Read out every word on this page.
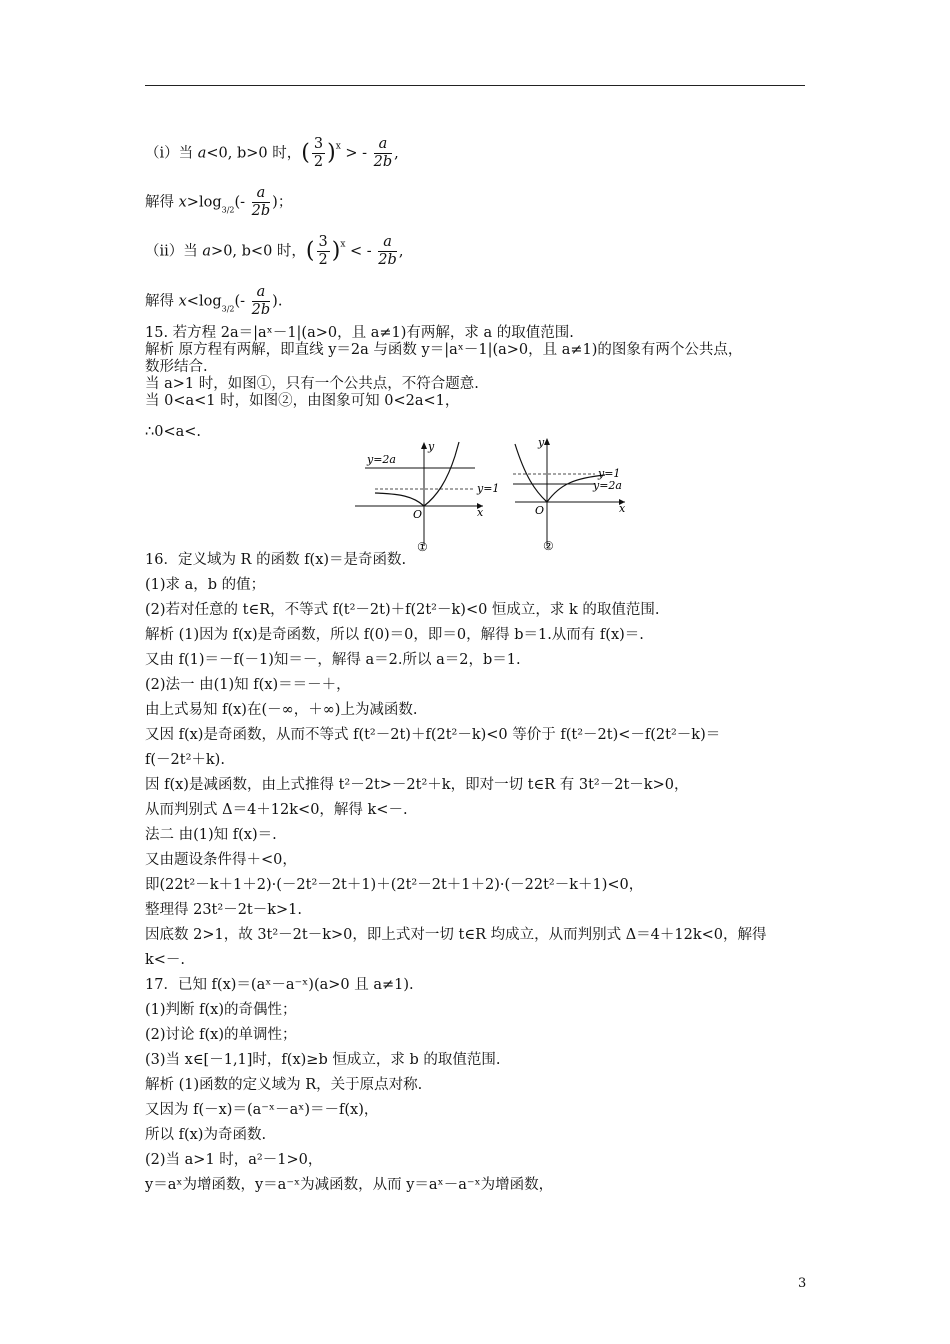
（ⅰ）当 a<0, b>0 时，( $\frac{3}{2} )^x$ > - $\frac{a}{2b}$ ,
解得 $x>\log_{3/2}(- \frac{a}{2b}$ )；
（ⅱ）当 a>0, b<0 时，( $\frac{3}{2} )^x$ < - $\frac{a}{2b}$ ,
解得 $x<\log_{3/2}(- \frac{a}{2b}$ ).
15. 若方程 2a＝|aˣ－1|(a>0，且 a≠1)有两解，求 a 的取值范围.
解析 原方程有两解，即直线 y＝2a 与函数 y＝|aˣ－1|(a>0，且 a≠1)的图象有两个公共点，
数形结合.
当 a>1 时，如图①，只有一个公共点，不符合题意.
当 0<a<1 时，如图②，由图象可知 0<2a<1，
∴0<a<.
y=2a
y=1
y
x
O
①
y=1
y=2a
y
x
O
②
16．定义域为 R 的函数 f(x)＝是奇函数.
(1)求 a，b 的值；
(2)若对任意的 t∈R，不等式 f(t²－2t)＋f(2t²－k)<0 恒成立，求 k 的取值范围.
解析 (1)因为 f(x)是奇函数，所以 f(0)＝0，即＝0，解得 b＝1.从而有 f(x)＝.
又由 f(1)＝－f(－1)知＝－，解得 a＝2.所以 a＝2，b＝1.
(2)法一 由(1)知 f(x)＝＝－＋，
由上式易知 f(x)在(－∞，＋∞)上为减函数.
又因 f(x)是奇函数，从而不等式 f(t²－2t)＋f(2t²－k)<0 等价于 f(t²－2t)<－f(2t²－k)＝
f(－2t²＋k).
因 f(x)是减函数，由上式推得 t²－2t>－2t²＋k，即对一切 t∈R 有 3t²－2t－k>0，
从而判别式 Δ＝4＋12k<0，解得 k<－.
法二 由(1)知 f(x)＝.
又由题设条件得＋<0，
即(22t²－k＋1＋2)·(－2t²－2t＋1)＋(2t²－2t＋1＋2)·(－22t²－k＋1)<0，
整理得 23t²－2t－k>1.
因底数 2>1，故 3t²－2t－k>0，即上式对一切 t∈R 均成立，从而判别式 Δ＝4＋12k<0，解得
k<－.
17．已知 f(x)＝(aˣ－a⁻ˣ)(a>0 且 a≠1).
(1)判断 f(x)的奇偶性；
(2)讨论 f(x)的单调性；
(3)当 x∈[－1,1]时，f(x)≥b 恒成立，求 b 的取值范围.
解析 (1)函数的定义域为 R，关于原点对称.
又因为 f(－x)＝(a⁻ˣ－aˣ)＝－f(x)，
所以 f(x)为奇函数.
(2)当 a>1 时，a²－1>0，
y＝aˣ为增函数，y＝a⁻ˣ为减函数，从而 y＝aˣ－a⁻ˣ为增函数，
3
